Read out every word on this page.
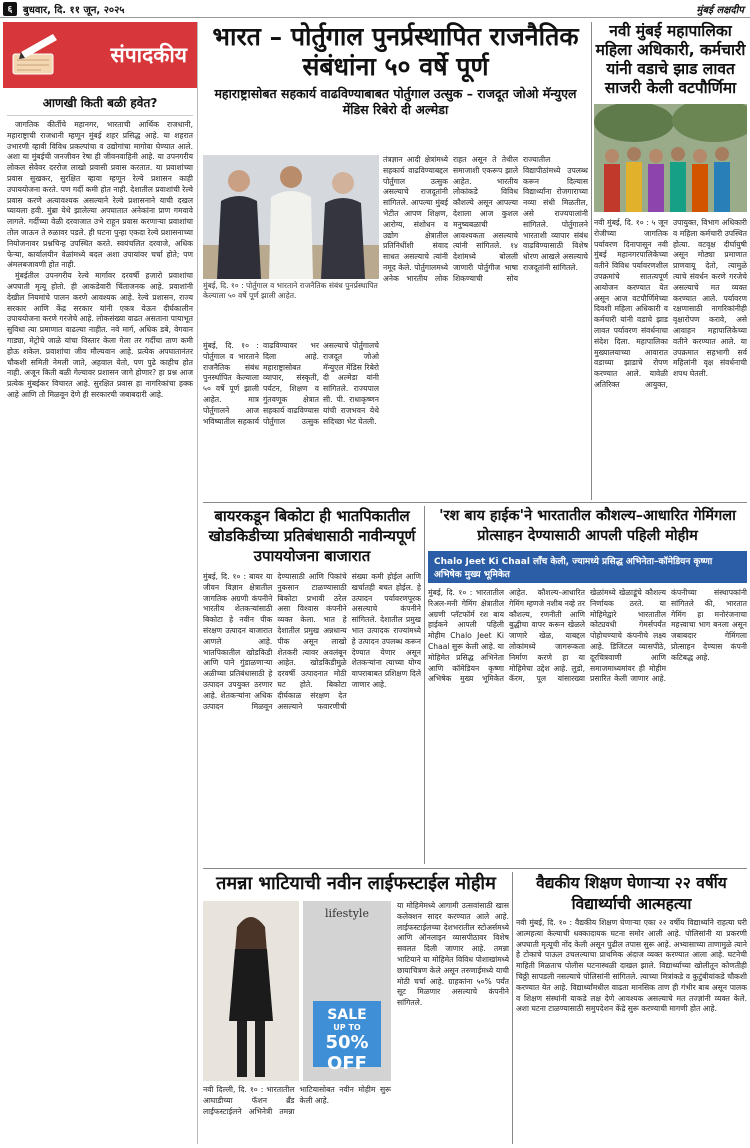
६	बुधवार, दि. ११ जून, २०२५	मुंबई लक्षदीप
संपादकीय
आणखी किती बळी हवेत?

जागतिक कीर्तीचे महानगर, भारताची आर्थिक राजधानी, महाराष्ट्राची राजधानी म्हणून मुंबई शहर प्रसिद्ध आहे. या शहरात उभारणी व्हावी विविध प्रकल्पांचा व उद्योगांचा मागोवा घेण्यात आले. अशा या मुंबईची जनजीवन रेषा ही जीवनवाहिनी आहे. या उपनगरीय लोकल सेवेवर दररोज लाखो प्रवासी प्रवास करतात. या प्रवाशांच्या प्रवास सुखकर, सुरक्षित व्हावा म्हणून रेल्वे प्रशासन काही उपाययोजना करते. पण गर्दी कमी होत नाही. देशातील प्रवाशांची रेल्वे प्रवास करणे अत्यावश्यक असल्याने रेल्वे प्रशासनाने याची दखल घ्यायला हवी. मुंब्रा येथे झालेल्या अपघातात अनेकांना प्राण गमवावे लागले. गर्दीच्या वेळी दरवाजात उभे राहून प्रवास करणाऱ्या प्रवाशांचा तोल जाऊन ते रुळावर पडले. ही घटना पुन्हा एकदा रेल्वे प्रशासनाच्या नियोजनावर प्रश्नचिन्ह उपस्थित करते. स्वयंचलित दरवाजे, अधिक फेऱ्या, कार्यालयीन वेळांमध्ये बदल अशा उपायांवर चर्चा होते; पण अंमलबजावणी होत नाही.

मुंबईतील उपनगरीय रेल्वे मार्गावर दरवर्षी हजारो प्रवाशांचा अपघाती मृत्यू होतो. ही आकडेवारी चिंताजनक आहे. प्रवाशांनी देखील नियमांचे पालन करणे आवश्यक आहे. रेल्वे प्रशासन, राज्य सरकार आणि केंद्र सरकार यांनी एकत्र येऊन दीर्घकालीन उपाययोजना करणे गरजेचे आहे. लोकसंख्या वाढत असताना पायाभूत सुविधा त्या प्रमाणात वाढल्या नाहीत. नवे मार्ग, अधिक डबे, वेगवान गाड्या, मेट्रोचे जाळे यांचा विस्तार केला गेला तर गर्दीचा ताण कमी होऊ शकेल. प्रवाशांचा जीव मौल्यवान आहे. प्रत्येक अपघातानंतर चौकशी समिती नेमली जाते, अहवाल येतो, पण पुढे काहीच होत नाही. अजून किती बळी गेल्यावर प्रशासन जागे होणार? हा प्रश्न आज प्रत्येक मुंबईकर विचारत आहे. सुरक्षित प्रवास हा नागरिकांचा हक्क आहे आणि तो मिळवून देणे ही सरकारची जबाबदारी आहे.

भारत – पोर्तुगाल पुनर्प्रस्थापित राजनैतिक संबंधांना ५० वर्षे पूर्ण
महाराष्ट्रासोबत सहकार्य वाढविण्याबाबत पोर्तुगाल उत्सुक – राजदूत जोओ मॅन्युएल मेंडिस रिबेरो दी अल्मेडा
मुंबई, दि. १० : पोर्तुगाल व भारताने राजनैतिक संबंध पुनर्प्रस्थापित केल्याला ५० वर्षे पूर्ण झाली आहेत.
मुंबई, दि. १० : पोर्तुगाल व भारताने राजनैतिक संबंध पुनर्स्थापित केल्याला ५० वर्षे पूर्ण झाली आहेत. मात्र पोर्तुगालने आज भविष्यातील सहकार्य वाढविण्यावर भर दिला आहे. महाराष्ट्रासोबत व्यापार, संस्कृती, पर्यटन, शिक्षण व गुंतवणूक क्षेत्रात सहकार्य वाढविण्यास पोर्तुगाल उत्सुक असल्याचे पोर्तुगालचे राजदूत जोओ मॅन्युएल मेंडिस रिबेरो दी अल्मेडा यांनी सांगितले. राज्यपाल सी. पी. राधाकृष्णन यांची राजभवन येथे सदिच्छा भेट घेतली.
तंत्रज्ञान आदी क्षेत्रांमध्ये सहकार्य वाढविण्याबद्दल पोर्तुगाल उत्सुक असल्याचे राजदूतांनी सांगितले. आपल्या मुंबई भेटीत आपण शिक्षण, आरोग्य, संशोधन व उद्योग क्षेत्रातील प्रतिनिधींशी संवाद साधत असल्याचे त्यांनी नमूद केले. पोर्तुगालमध्ये अनेक भारतीय लोक राहत असून ते तेथील समाजाशी एकरूप झाले आहेत. भारतीय लोकांकडे विविध कौशल्ये असून आपल्या देशाला आज कुशल मनुष्यबळाची आवश्यकता असल्याचे त्यांनी सांगितले. १४ देशांमध्ये बोलली जाणारी पोर्तुगीज भाषा शिकण्याची सोय राज्यातील विद्यापीठांमध्ये उपलब्ध करून दिल्यास विद्यार्थ्यांना रोजगाराच्या नव्या संधी मिळतील, असे राज्यपालांनी सांगितले. पोर्तुगालने भारताशी व्यापार संबंध वाढविण्यासाठी विशेष धोरण आखले असल्याचे राजदूतांनी सांगितले.
नवी मुंबई महापालिका महिला अधिकारी, कर्मचारी यांनी वडाचे झाड लावत साजरी केली वटपौर्णिमा
नवी मुंबई, दि. १० : ५ जून रोजीच्या जागतिक पर्यावरण दिनापासून नवी मुंबई महानगरपालिकेच्या वतीने विविध पर्यावरणशील उपक्रमांचे सातत्यपूर्ण आयोजन करण्यात येत असून आज वटपौर्णिमेच्या दिवशी महिला अधिकारी व कर्मचारी यांनी वडाचे झाड लावत पर्यावरण संवर्धनाचा संदेश दिला. महापालिका मुख्यालयाच्या आवारात वडाच्या झाडाचे रोपण करण्यात आले. यावेळी अतिरिक्त आयुक्त, उपायुक्त, विभाग अधिकारी व महिला कर्मचारी उपस्थित होत्या. वटवृक्ष दीर्घायुषी असून मोठ्या प्रमाणात प्राणवायू देतो, त्यामुळे त्याचे संवर्धन करणे गरजेचे असल्याचे मत व्यक्त करण्यात आले. पर्यावरण रक्षणासाठी नागरिकांनीही वृक्षारोपण करावे, असे आवाहन महापालिकेच्या वतीने करण्यात आले. या उपक्रमात सहभागी सर्व महिलांनी वृक्ष संवर्धनाची शपथ घेतली.
बायरकडून बिकोटा ही भातपिकातील खोडकिडीच्या प्रतिबंधासाठी नावीन्यपूर्ण उपाययोजना बाजारात
मुंबई, दि. १० : बायर या जीवन विज्ञान क्षेत्रातील जागतिक अग्रणी कंपनीने भारतीय शेतकऱ्यांसाठी बिकोटा हे नवीन पीक संरक्षण उत्पादन बाजारात आणले आहे. भातपिकातील खोडकिडी आणि पाने गुंडाळणाऱ्या अळीच्या प्रतिबंधासाठी हे उत्पादन उपयुक्त ठरणार आहे. शेतकऱ्यांना अधिक उत्पादन मिळवून देण्यासाठी आणि पिकांचे नुकसान टाळण्यासाठी बिकोटा प्रभावी ठरेल असा विश्वास कंपनीने व्यक्त केला. भात हे देशातील प्रमुख अन्नधान्य पीक असून लाखो शेतकरी त्यावर अवलंबून आहेत. खोडकिडीमुळे दरवर्षी उत्पादनात मोठी घट होते. बिकोटा दीर्घकाळ संरक्षण देत असल्याने फवारणीची संख्या कमी होईल आणि खर्चातही बचत होईल. हे उत्पादन पर्यावरणपूरक असल्याचे कंपनीने सांगितले. देशातील प्रमुख भात उत्पादक राज्यांमध्ये हे उत्पादन उपलब्ध करून देण्यात येणार असून शेतकऱ्यांना त्याच्या योग्य वापराबाबत प्रशिक्षण दिले जाणार आहे.
'रश बाय हाईक'ने भारतातील कौशल्य–आधारित गेमिंगला प्रोत्साहन देण्यासाठी आपली पहिली मोहीम
Chalo Jeet Ki Chaal लाँच केली, ज्यामध्ये प्रसिद्ध अभिनेता–कॉमेडियन कृष्णा अभिषेक मुख्य भूमिकेत
मुंबई, दि. १० : भारतातील रिअल-मनी गेमिंग क्षेत्रातील अग्रणी प्लॅटफॉर्म रश बाय हाईकने आपली पहिली मोहीम Chalo Jeet Ki Chaal सुरू केली आहे. या मोहिमेत प्रसिद्ध अभिनेता आणि कॉमेडियन कृष्णा अभिषेक मुख्य भूमिकेत आहेत. कौशल्य-आधारित गेमिंग म्हणजे नशीब नव्हे तर कौशल्य, रणनीती आणि बुद्धीचा वापर करून खेळले जाणारे खेळ, याबद्दल लोकांमध्ये जागरूकता निर्माण करणे हा या मोहिमेचा उद्देश आहे. लुडो, कॅरम, पूल यांसारख्या खेळांमध्ये खेळाडूंचे कौशल्य निर्णायक ठरते. या मोहिमेद्वारे भारतातील कोट्यवधी गेमर्सपर्यंत पोहोचण्याचे कंपनीचे लक्ष्य आहे. डिजिटल व्यासपीठे, दूरचित्रवाणी आणि समाजमाध्यमांवर ही मोहीम प्रसारित केली जाणार आहे. कंपनीच्या संस्थापकांनी सांगितले की, भारतात गेमिंग हा मनोरंजनाचा महत्त्वाचा भाग बनला असून जबाबदार गेमिंगला प्रोत्साहन देण्यास कंपनी कटिबद्ध आहे.
तमन्ना भाटियाची नवीन लाईफस्टाईल मोहीम
lifestyle
SALE
UP TO
50% OFF
नवी दिल्ली, दि. १० : भारतातील आघाडीच्या फॅशन ब्रँड लाईफस्टाईलने अभिनेत्री तमन्ना भाटियासोबत नवीन मोहीम सुरू केली आहे.
या मोहिमेमध्ये आगामी उत्सवांसाठी खास कलेक्शन सादर करण्यात आले आहे. लाईफस्टाईलच्या देशभरातील स्टोअर्समध्ये आणि ऑनलाइन व्यासपीठावर विशेष सवलत दिली जाणार आहे. तमन्ना भाटियाने या मोहिमेत विविध पोशाखांमध्ये छायाचित्रण केले असून तरुणाईमध्ये याची मोठी चर्चा आहे. ग्राहकांना ५०% पर्यंत सूट मिळणार असल्याचे कंपनीने सांगितले.
वैद्यकीय शिक्षण घेणाऱ्या २२ वर्षीय विद्यार्थ्याची आत्महत्या
नवी मुंबई, दि. १० : वैद्यकीय शिक्षण घेणाऱ्या एका २२ वर्षीय विद्यार्थ्याने राहत्या घरी आत्महत्या केल्याची धक्कादायक घटना समोर आली आहे. पोलिसांनी या प्रकरणी अपघाती मृत्यूची नोंद केली असून पुढील तपास सुरू आहे. अभ्यासाच्या ताणामुळे त्याने हे टोकाचे पाऊल उचलल्याचा प्राथमिक अंदाज व्यक्त करण्यात आला आहे. घटनेची माहिती मिळताच पोलीस घटनास्थळी दाखल झाले. विद्यार्थ्याच्या खोलीतून कोणतीही चिठ्ठी सापडली नसल्याचे पोलिसांनी सांगितले. त्याच्या मित्रांकडे व कुटुंबीयांकडे चौकशी करण्यात येत आहे. विद्यार्थ्यांमधील वाढता मानसिक ताण ही गंभीर बाब असून पालक व शिक्षण संस्थांनी याकडे लक्ष देणे आवश्यक असल्याचे मत तज्ज्ञांनी व्यक्त केले. अशा घटना टाळण्यासाठी समुपदेशन केंद्रे सुरू करण्याची मागणी होत आहे.
